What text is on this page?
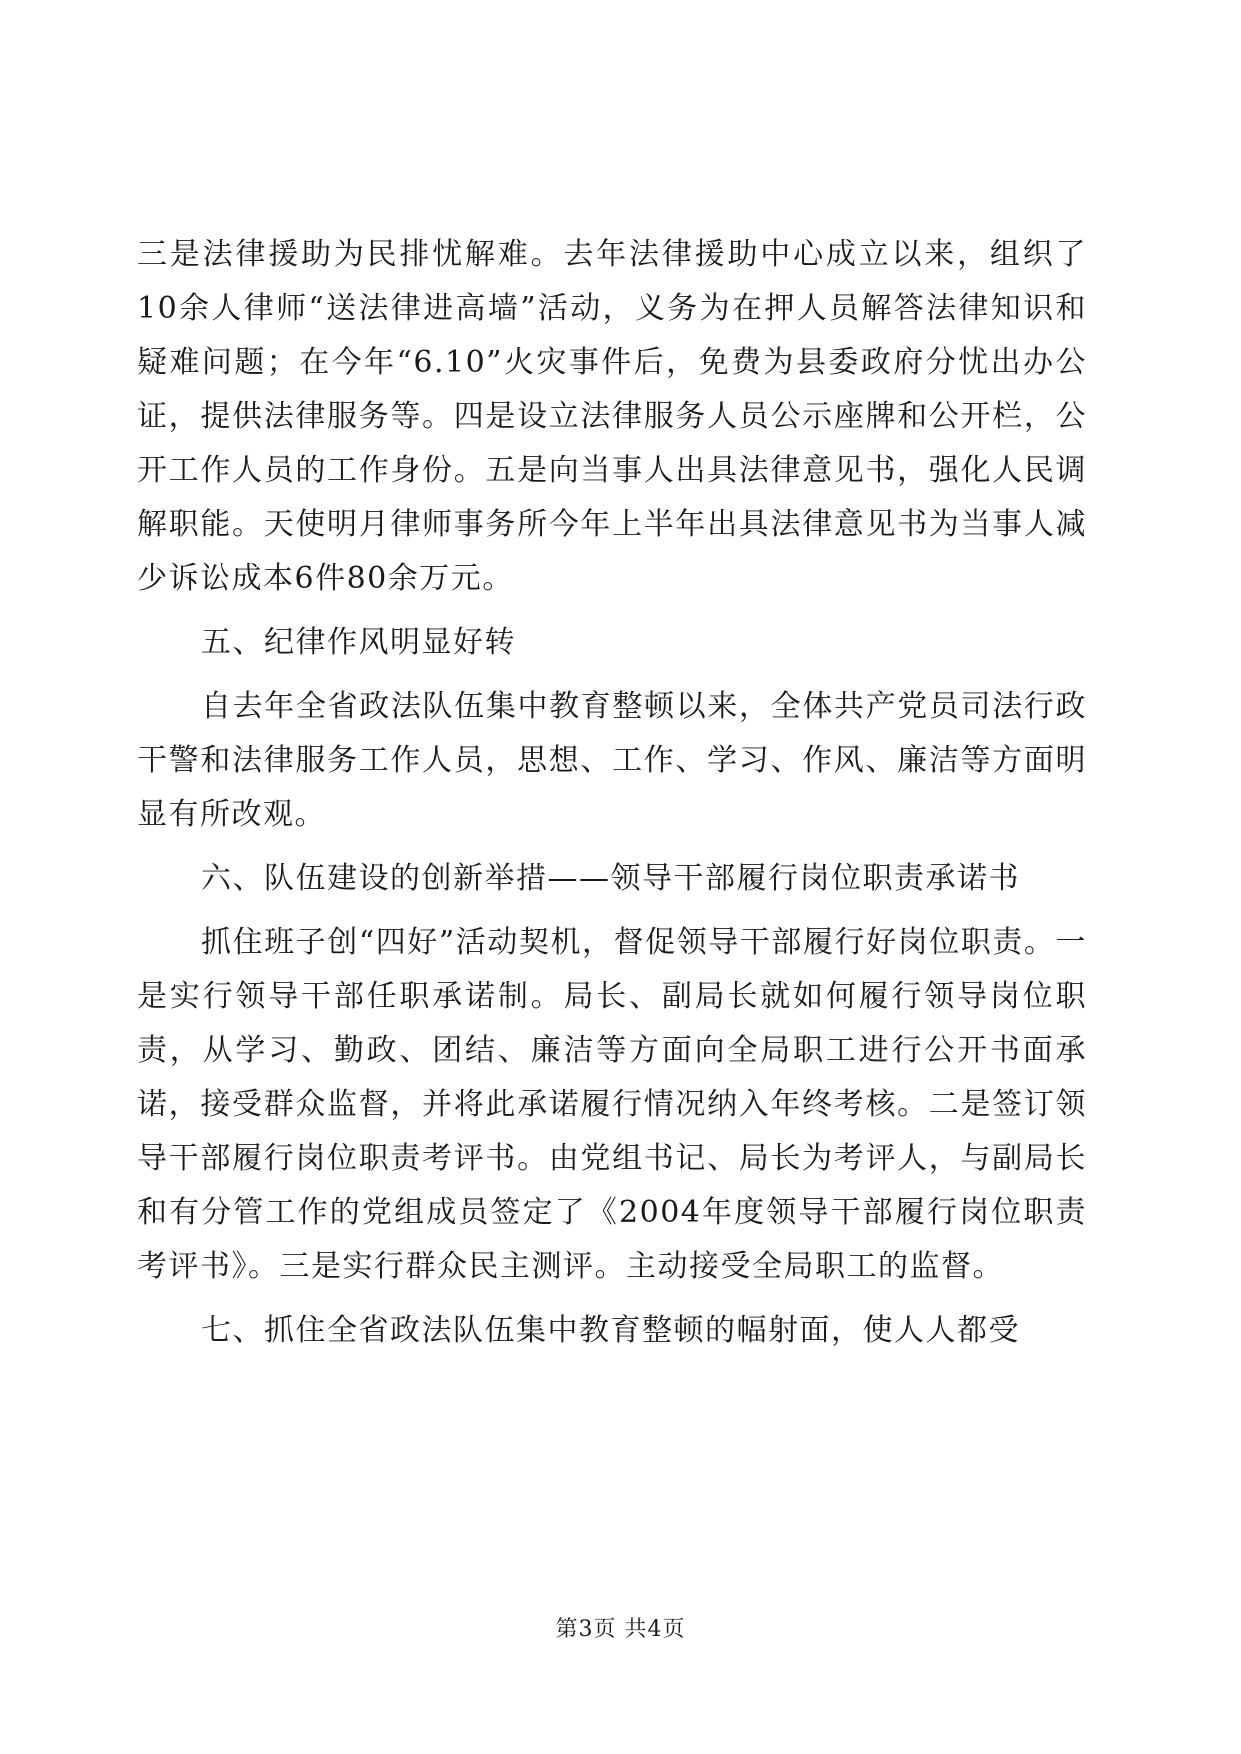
三是法律援助为民排忧解难。去年法律援助中心成立以来，组织了10余人律师“送法律进高墙”活动，义务为在押人员解答法律知识和疑难问题；在今年“6.10”火灾事件后，免费为县委政府分忧出办公证，提供法律服务等。四是设立法律服务人员公示座牌和公开栏，公开工作人员的工作身份。五是向当事人出具法律意见书，强化人民调解职能。天使明月律师事务所今年上半年出具法律意见书为当事人减少诉讼成本6件80余万元。

五、纪律作风明显好转

自去年全省政法队伍集中教育整顿以来，全体共产党员司法行政干警和法律服务工作人员，思想、工作、学习、作风、廉洁等方面明显有所改观。

六、队伍建设的创新举措——领导干部履行岗位职责承诺书

抓住班子创“四好”活动契机，督促领导干部履行好岗位职责。一是实行领导干部任职承诺制。局长、副局长就如何履行领导岗位职责，从学习、勤政、团结、廉洁等方面向全局职工进行公开书面承诺，接受群众监督，并将此承诺履行情况纳入年终考核。二是签订领导干部履行岗位职责考评书。由党组书记、局长为考评人，与副局长和有分管工作的党组成员签定了《2004年度领导干部履行岗位职责考评书》。三是实行群众民主测评。主动接受全局职工的监督。

七、抓住全省政法队伍集中教育整顿的幅射面，使人人都受

第3页 共4页
